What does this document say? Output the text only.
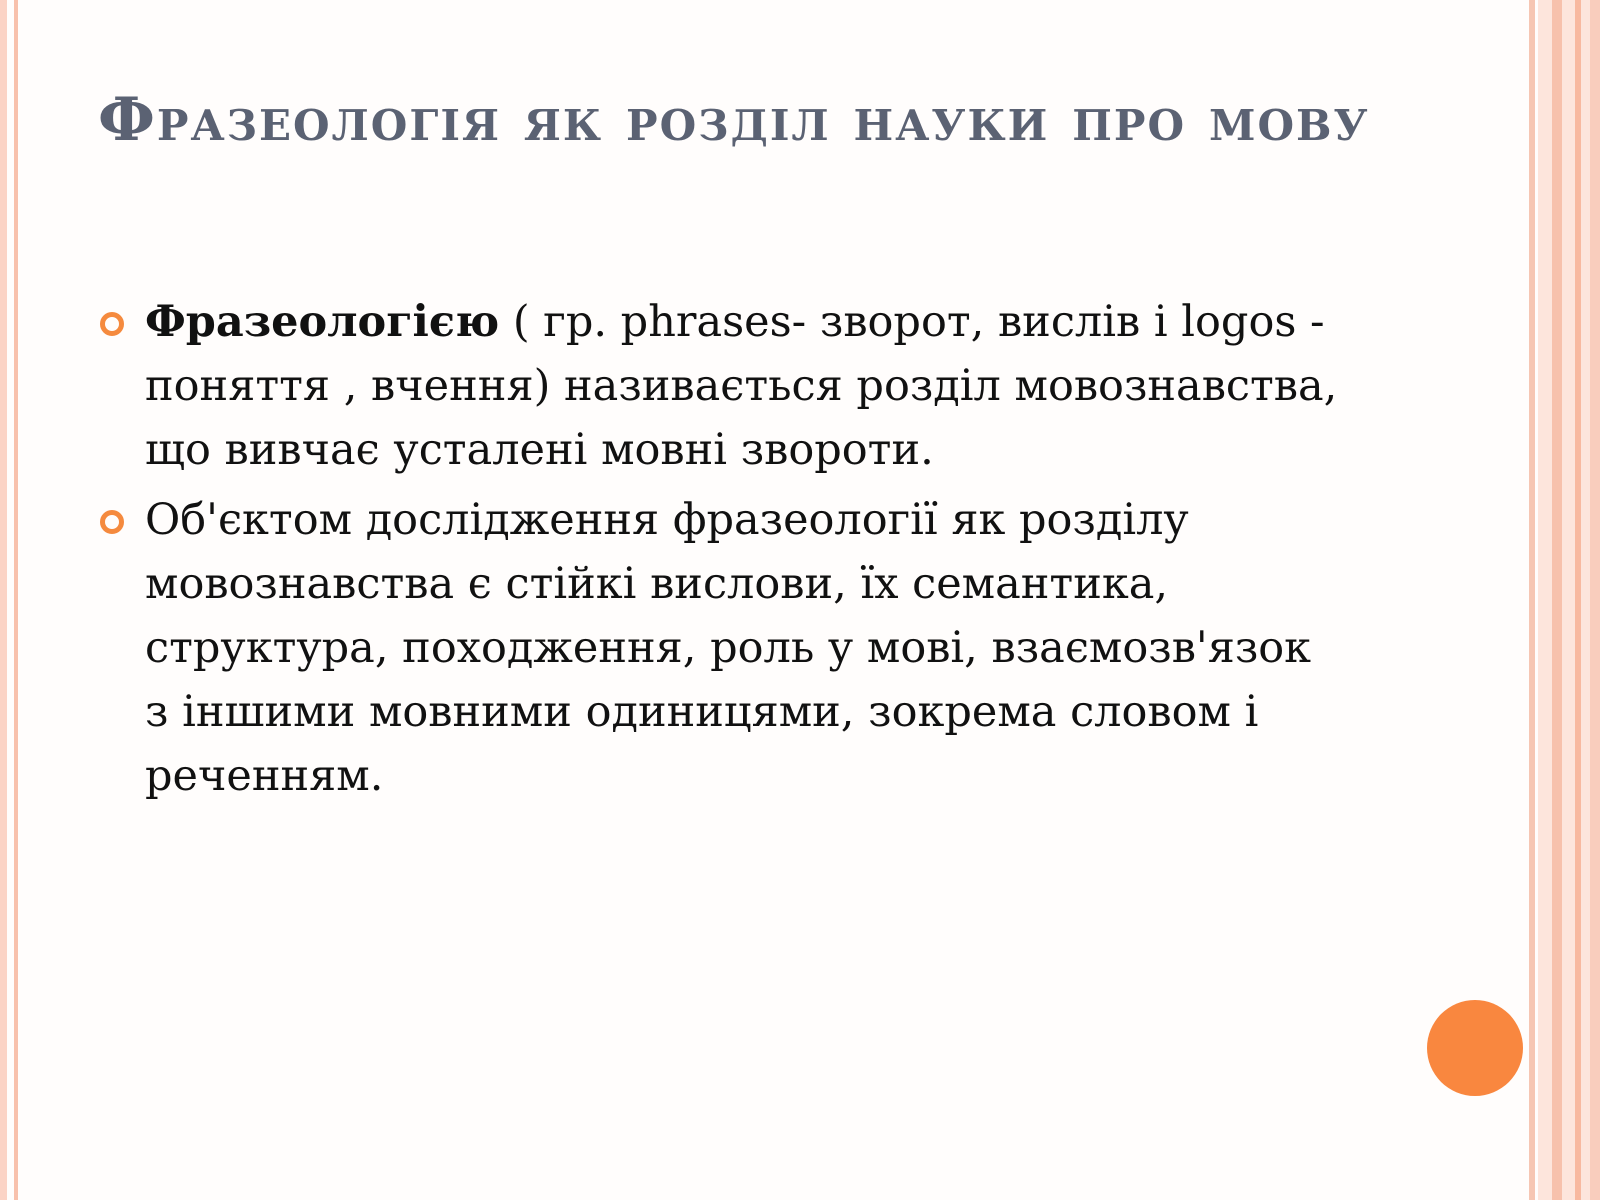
Фразеологія як розділ науки про мову
Фразеологією ( гр. phrases- зворот, вислів і logos - поняття , вчення) називається розділ мовознавства, що вивчає усталені мовні звороти.
Об'єктом дослідження фразеології як розділу мовознавства є стійкі вислови, їх семантика, структура, походження, роль у мові, взаємозв'язок з іншими мовними одиницями, зокрема словом і реченням.
